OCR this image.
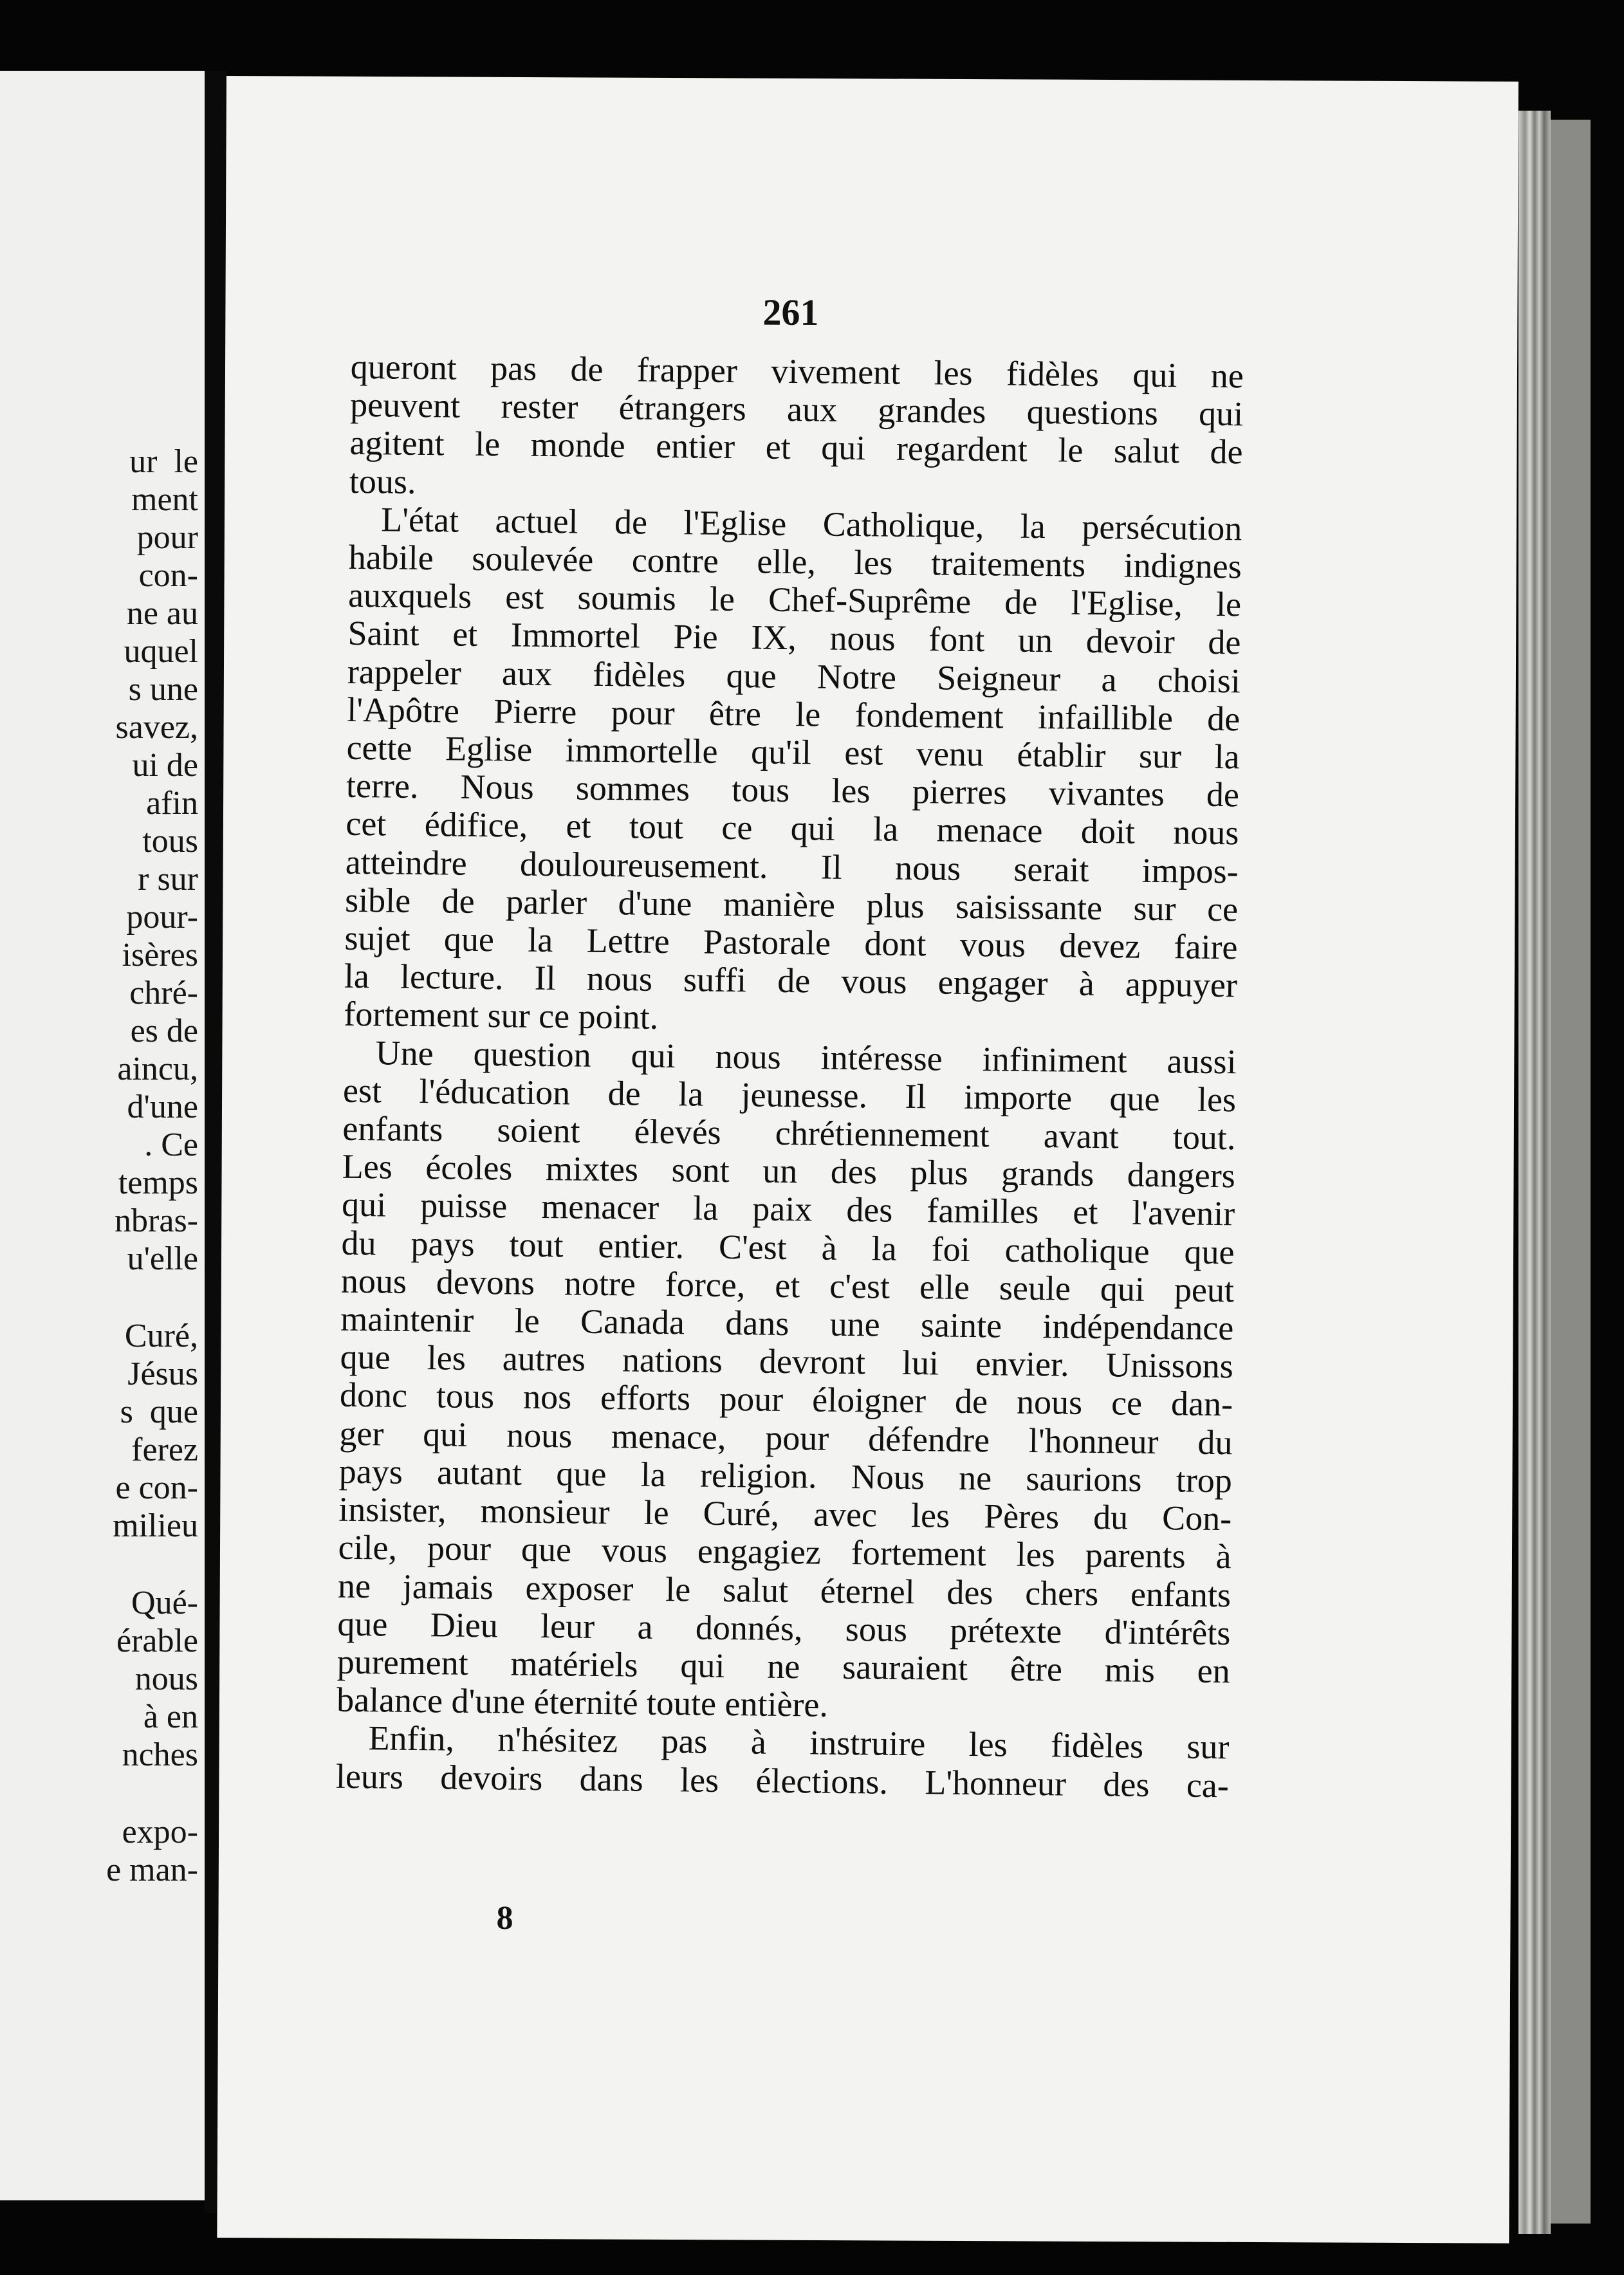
ur  le
ment
pour
con-
ne au
uquel
s une
savez,
ui de
afin
tous
r sur
pour-
isères
chré-
es de
aincu,
d'une
. Ce
temps
nbras-
u'elle
Curé,
Jésus
s  que
ferez
e con-
milieu
Qué-
érable
nous
à en
nches
expo-
e man-
261
queront pas de frapper vivement les fidèles qui ne
peuvent rester étrangers aux grandes questions qui
agitent le monde entier et qui regardent le salut de
tous.
L'état actuel de l'Eglise Catholique, la persécution
habile soulevée contre elle, les traitements indignes
auxquels est soumis le Chef-Suprême de l'Eglise, le
Saint et Immortel Pie IX, nous font un devoir de
rappeler aux fidèles que Notre Seigneur a choisi
l'Apôtre Pierre pour être le fondement infaillible de
cette Eglise immortelle qu'il est venu établir sur la
terre. Nous sommes tous les pierres vivantes de
cet édifice, et tout ce qui la menace doit nous
atteindre douloureusement. Il nous serait impos-
sible de parler d'une manière plus saisissante sur ce
sujet que la Lettre Pastorale dont vous devez faire
la lecture. Il nous suffi de vous engager à appuyer
fortement sur ce point.
Une question qui nous intéresse infiniment aussi
est l'éducation de la jeunesse. Il importe que les
enfants soient élevés chrétiennement avant tout.
Les écoles mixtes sont un des plus grands dangers
qui puisse menacer la paix des familles et l'avenir
du pays tout entier. C'est à la foi catholique que
nous devons notre force, et c'est elle seule qui peut
maintenir le Canada dans une sainte indépendance
que les autres nations devront lui envier. Unissons
donc tous nos efforts pour éloigner de nous ce dan-
ger qui nous menace, pour défendre l'honneur du
pays autant que la religion. Nous ne saurions trop
insister, monsieur le Curé, avec les Pères du Con-
cile, pour que vous engagiez fortement les parents à
ne jamais exposer le salut éternel des chers enfants
que Dieu leur a donnés, sous prétexte d'intérêts
purement matériels qui ne sauraient être mis en
balance d'une éternité toute entière.
Enfin, n'hésitez pas à instruire les fidèles sur
leurs devoirs dans les élections. L'honneur des ca-
8
